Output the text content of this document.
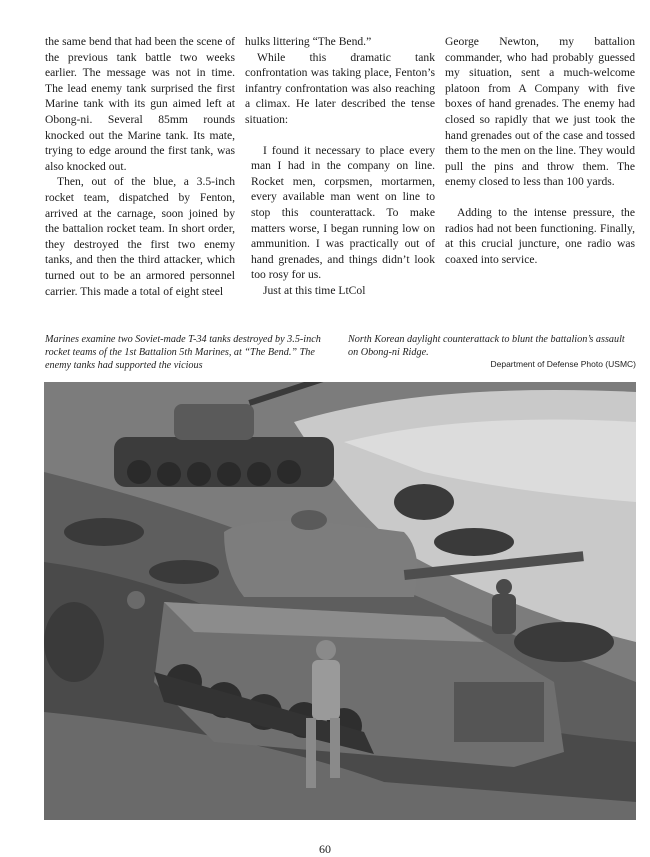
the same bend that had been the scene of the previous tank battle two weeks earlier. The message was not in time. The lead enemy tank surprised the first Marine tank with its gun aimed left at Obong-ni. Several 85mm rounds knocked out the Marine tank. Its mate, trying to edge around the first tank, was also knocked out.

Then, out of the blue, a 3.5-inch rocket team, dispatched by Fenton, arrived at the carnage, soon joined by the battalion rocket team. In short order, they destroyed the first two enemy tanks, and then the third attacker, which turned out to be an armored personnel carrier. This made a total of eight steel

hulks littering “The Bend.”

While this dramatic tank confrontation was taking place, Fenton’s infantry confrontation was also reaching a climax. He later described the tense situation:

I found it necessary to place every man I had in the company on line. Rocket men, corpsmen, mortarmen, every available man went on line to stop this counterattack. To make matters worse, I began running low on ammunition. I was practically out of hand grenades, and things didn’t look too rosy for us.

Just at this time LtCol

George Newton, my battalion commander, who had probably guessed my situation, sent a much-welcome platoon from A Company with five boxes of hand grenades. The enemy had closed so rapidly that we just took the hand grenades out of the case and tossed them to the men on the line. They would pull the pins and throw them. The enemy closed to less than 100 yards.

Adding to the intense pressure, the radios had not been functioning. Finally, at this crucial juncture, one radio was coaxed into service.

Marines examine two Soviet-made T-34 tanks destroyed by 3.5-inch rocket teams of the 1st Battalion 5th Marines, at “The Bend.” The enemy tanks had supported the vicious
North Korean daylight counterattack to blunt the battalion’s assault on Obong-ni Ridge.
Department of Defense Photo (USMC)
60
